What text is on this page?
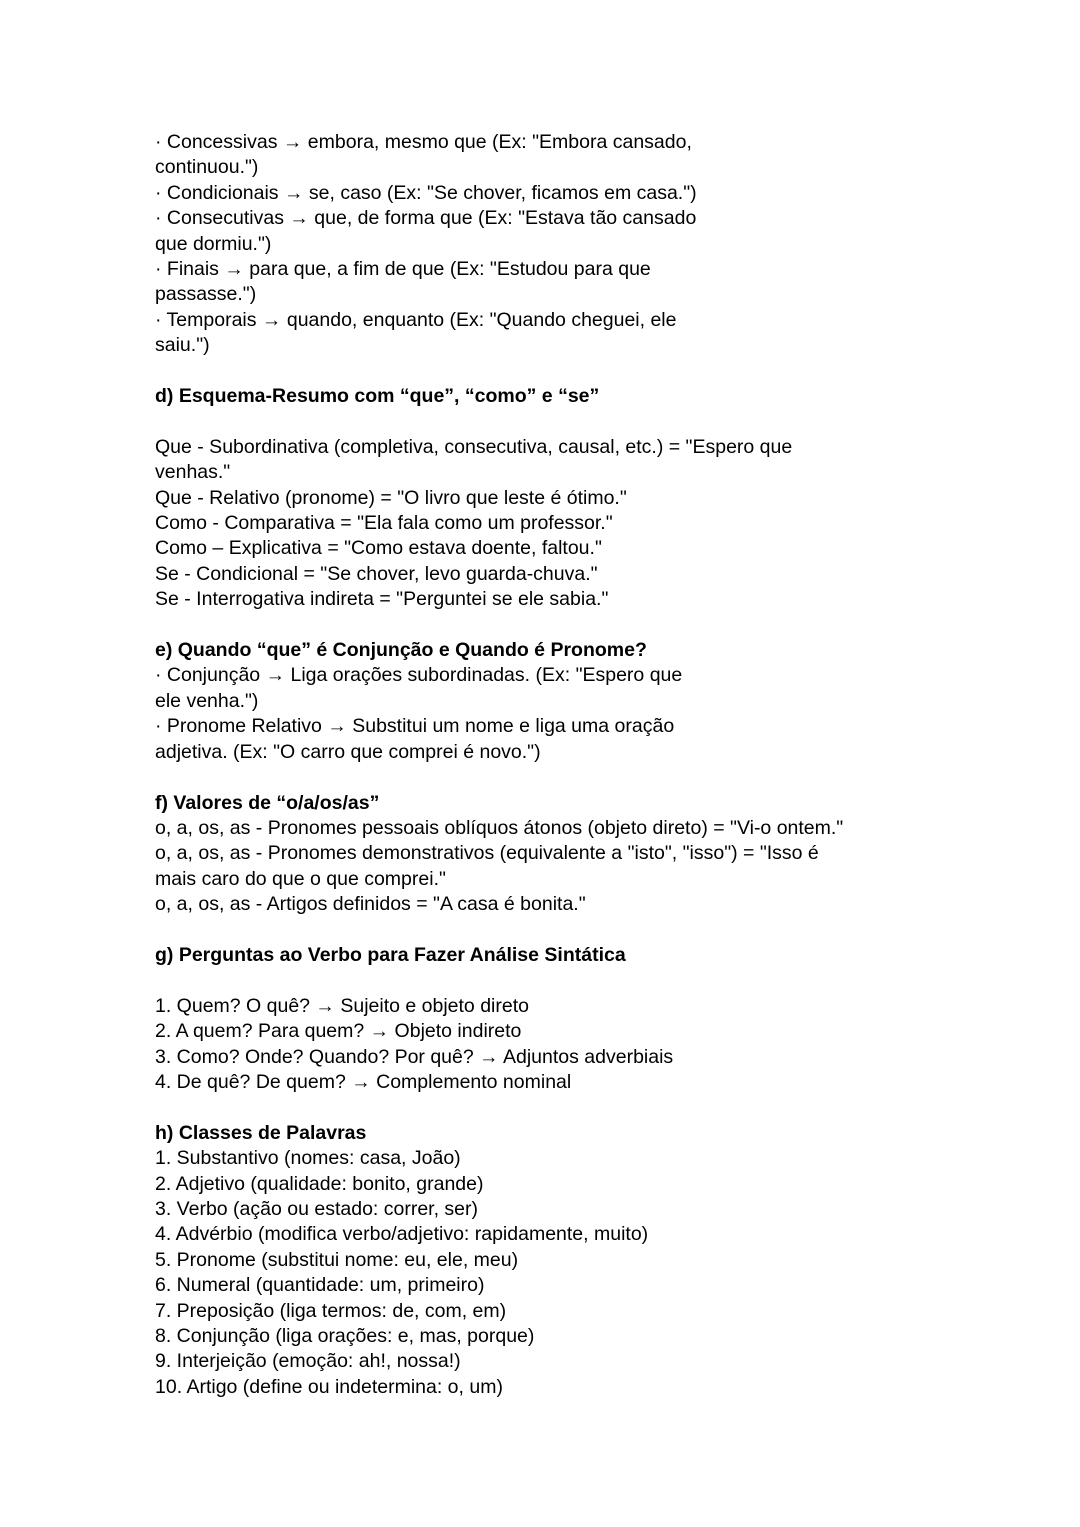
· Concessivas → embora, mesmo que (Ex: "Embora cansado,
continuou.")
· Condicionais → se, caso (Ex: "Se chover, ficamos em casa.")
· Consecutivas → que, de forma que (Ex: "Estava tão cansado
que dormiu.")
· Finais → para que, a fim de que (Ex: "Estudou para que
passasse.")
· Temporais → quando, enquanto (Ex: "Quando cheguei, ele
saiu.")
d) Esquema-Resumo com “que”, “como” e “se”
Que - Subordinativa (completiva, consecutiva, causal, etc.) = "Espero que
venhas."
Que - Relativo (pronome) = "O livro que leste é ótimo."
Como - Comparativa = "Ela fala como um professor."
Como – Explicativa = "Como estava doente, faltou."
Se - Condicional = "Se chover, levo guarda-chuva."
Se - Interrogativa indireta = "Perguntei se ele sabia."
e) Quando “que” é Conjunção e Quando é Pronome?
· Conjunção → Liga orações subordinadas. (Ex: "Espero que
ele venha.")
· Pronome Relativo → Substitui um nome e liga uma oração
adjetiva. (Ex: "O carro que comprei é novo.")
f) Valores de “o/a/os/as”
o, a, os, as - Pronomes pessoais oblíquos átonos (objeto direto) = "Vi-o ontem."
o, a, os, as - Pronomes demonstrativos (equivalente a "isto", "isso") = "Isso é
mais caro do que o que comprei."
o, a, os, as - Artigos definidos = "A casa é bonita."
g) Perguntas ao Verbo para Fazer Análise Sintática
1. Quem? O quê? → Sujeito e objeto direto
2. A quem? Para quem? → Objeto indireto
3. Como? Onde? Quando? Por quê? → Adjuntos adverbiais
4. De quê? De quem? → Complemento nominal
h) Classes de Palavras
1. Substantivo (nomes: casa, João)
2. Adjetivo (qualidade: bonito, grande)
3. Verbo (ação ou estado: correr, ser)
4. Advérbio (modifica verbo/adjetivo: rapidamente, muito)
5. Pronome (substitui nome: eu, ele, meu)
6. Numeral (quantidade: um, primeiro)
7. Preposição (liga termos: de, com, em)
8. Conjunção (liga orações: e, mas, porque)
9. Interjeição (emoção: ah!, nossa!)
10. Artigo (define ou indetermina: o, um)
